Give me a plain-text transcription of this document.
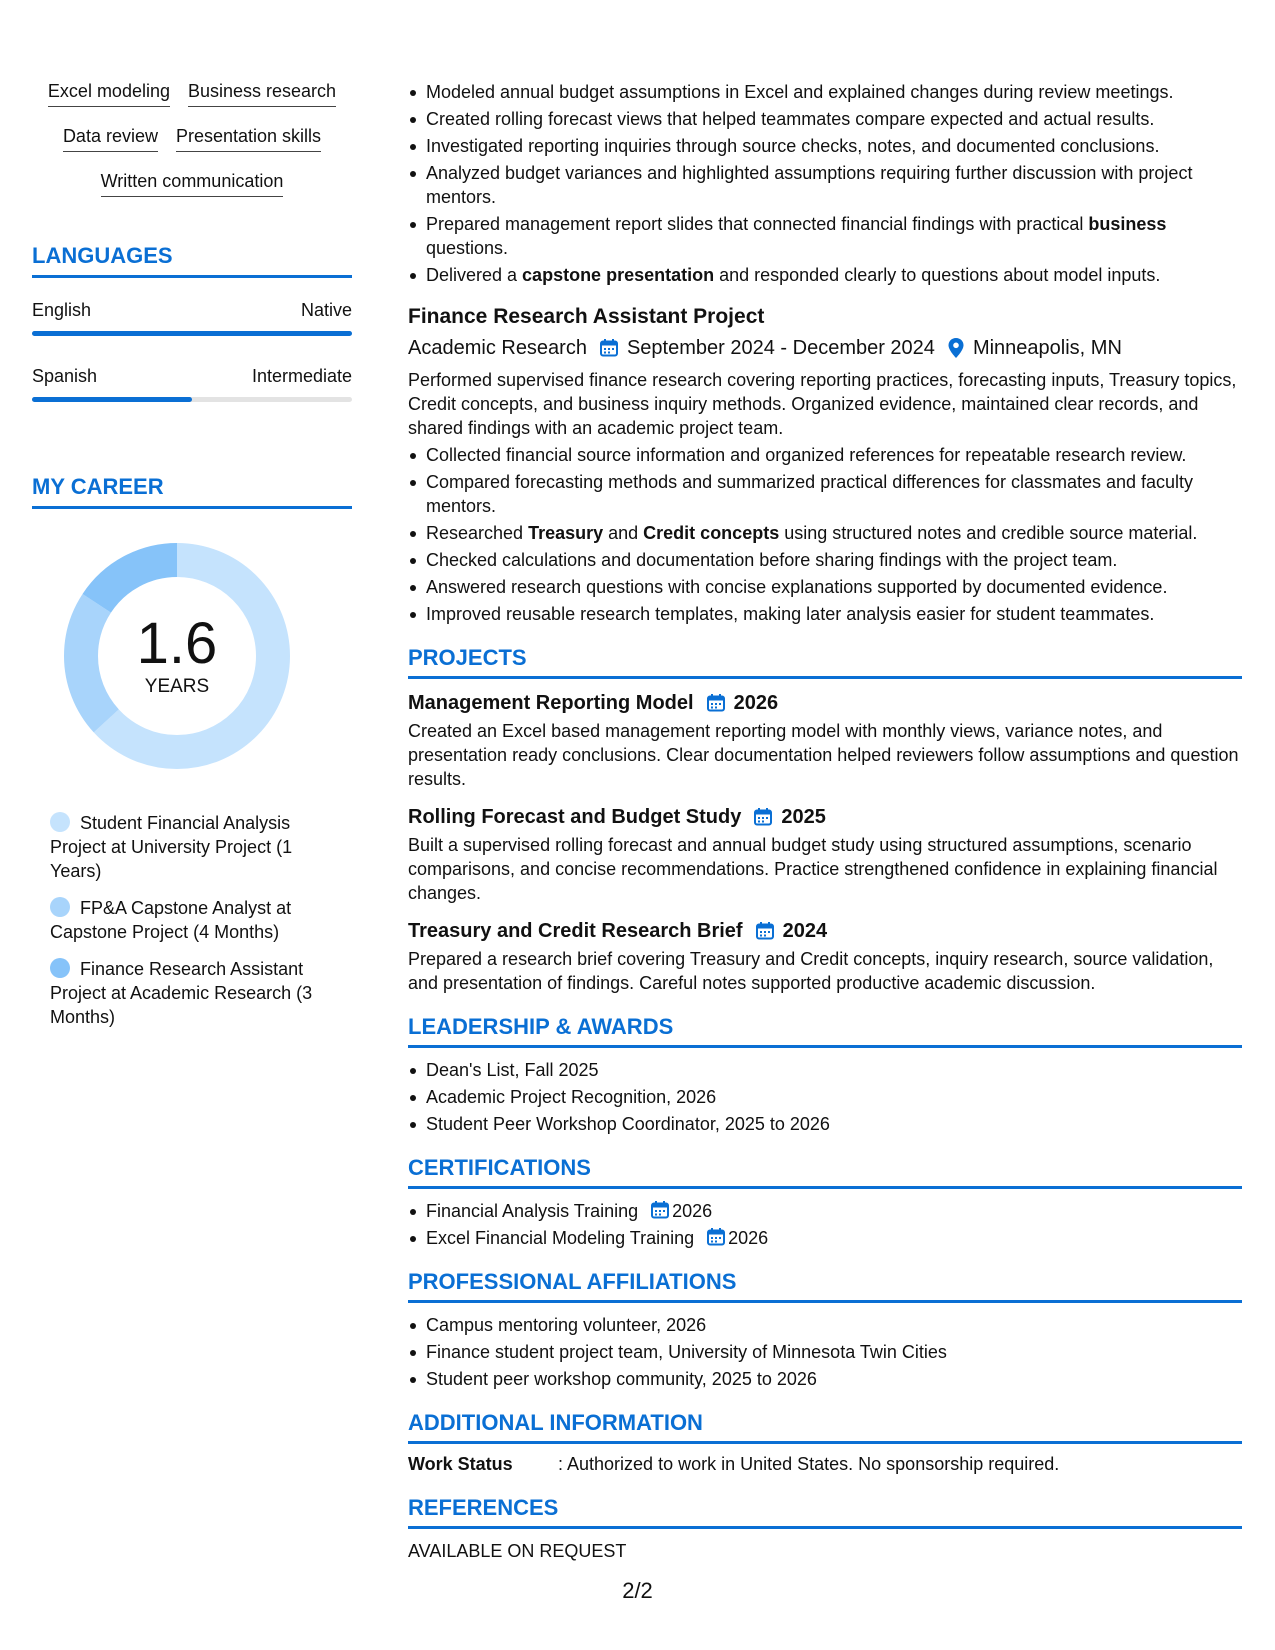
Excel modeling Business research
Data review Presentation skills
Written communication
LANGUAGES
English	Native
Spanish	Intermediate
MY CAREER
1.6
YEARS
Student Financial Analysis Project at University Project (1 Years)
FP&A Capstone Analyst at Capstone Project (4 Months)
Finance Research Assistant Project at Academic Research (3 Months)
Modeled annual budget assumptions in Excel and explained changes during review meetings.
Created rolling forecast views that helped teammates compare expected and actual results.
Investigated reporting inquiries through source checks, notes, and documented conclusions.
Analyzed budget variances and highlighted assumptions requiring further discussion with project mentors.
Prepared management report slides that connected financial findings with practical business questions.
Delivered a capstone presentation and responded clearly to questions about model inputs.
Finance Research Assistant Project
Academic Research September 2024 - December 2024 Minneapolis, MN
Performed supervised finance research covering reporting practices, forecasting inputs, Treasury topics, Credit concepts, and business inquiry methods. Organized evidence, maintained clear records, and shared findings with an academic project team.
Collected financial source information and organized references for repeatable research review.
Compared forecasting methods and summarized practical differences for classmates and faculty mentors.
Researched Treasury and Credit concepts using structured notes and credible source material.
Checked calculations and documentation before sharing findings with the project team.
Answered research questions with concise explanations supported by documented evidence.
Improved reusable research templates, making later analysis easier for student teammates.
PROJECTS
Management Reporting Model 2026
Created an Excel based management reporting model with monthly views, variance notes, and presentation ready conclusions. Clear documentation helped reviewers follow assumptions and question results.
Rolling Forecast and Budget Study 2025
Built a supervised rolling forecast and annual budget study using structured assumptions, scenario comparisons, and concise recommendations. Practice strengthened confidence in explaining financial changes.
Treasury and Credit Research Brief 2024
Prepared a research brief covering Treasury and Credit concepts, inquiry research, source validation, and presentation of findings. Careful notes supported productive academic discussion.
LEADERSHIP & AWARDS
Dean's List, Fall 2025
Academic Project Recognition, 2026
Student Peer Workshop Coordinator, 2025 to 2026
CERTIFICATIONS
Financial Analysis Training 2026
Excel Financial Modeling Training 2026
PROFESSIONAL AFFILIATIONS
Campus mentoring volunteer, 2026
Finance student project team, University of Minnesota Twin Cities
Student peer workshop community, 2025 to 2026
ADDITIONAL INFORMATION
Work Status	: Authorized to work in United States. No sponsorship required.
REFERENCES
AVAILABLE ON REQUEST
2/2
